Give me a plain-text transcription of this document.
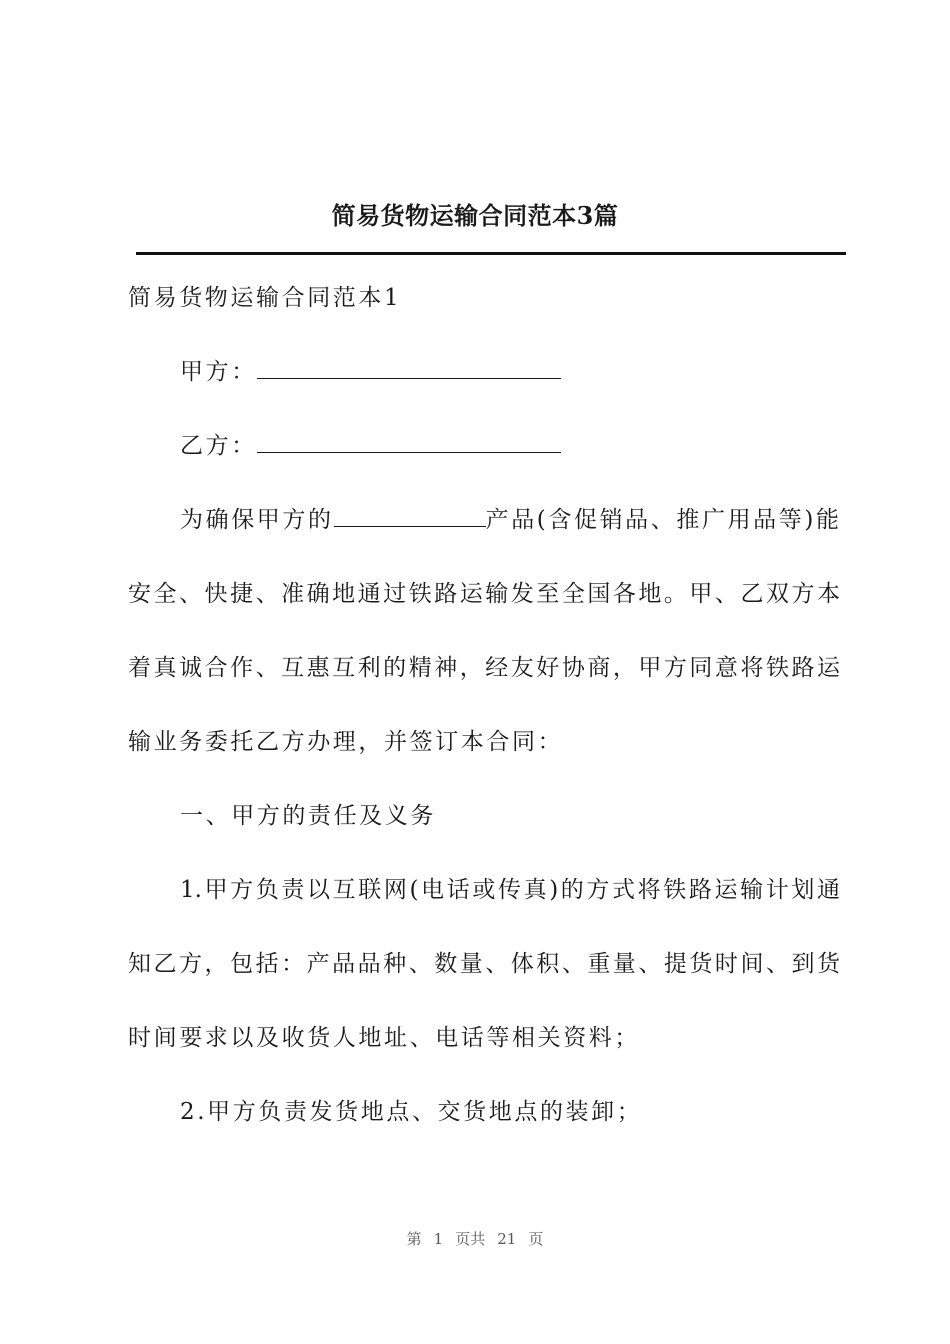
简易货物运输合同范本3篇
简易货物运输合同范本1
甲方：
乙方：
为确保甲方的	产品(含促销品、推广用品等)能
安全、快捷、准确地通过铁路运输发至全国各地。甲、乙双方本
着真诚合作、互惠互利的精神，经友好协商，甲方同意将铁路运
输业务委托乙方办理，并签订本合同：
一、甲方的责任及义务
1.甲方负责以互联网(电话或传真)的方式将铁路运输计划通
知乙方，包括：产品品种、数量、体积、重量、提货时间、到货
时间要求以及收货人地址、电话等相关资料；
2.甲方负责发货地点、交货地点的装卸；
第 1 页共 21 页
